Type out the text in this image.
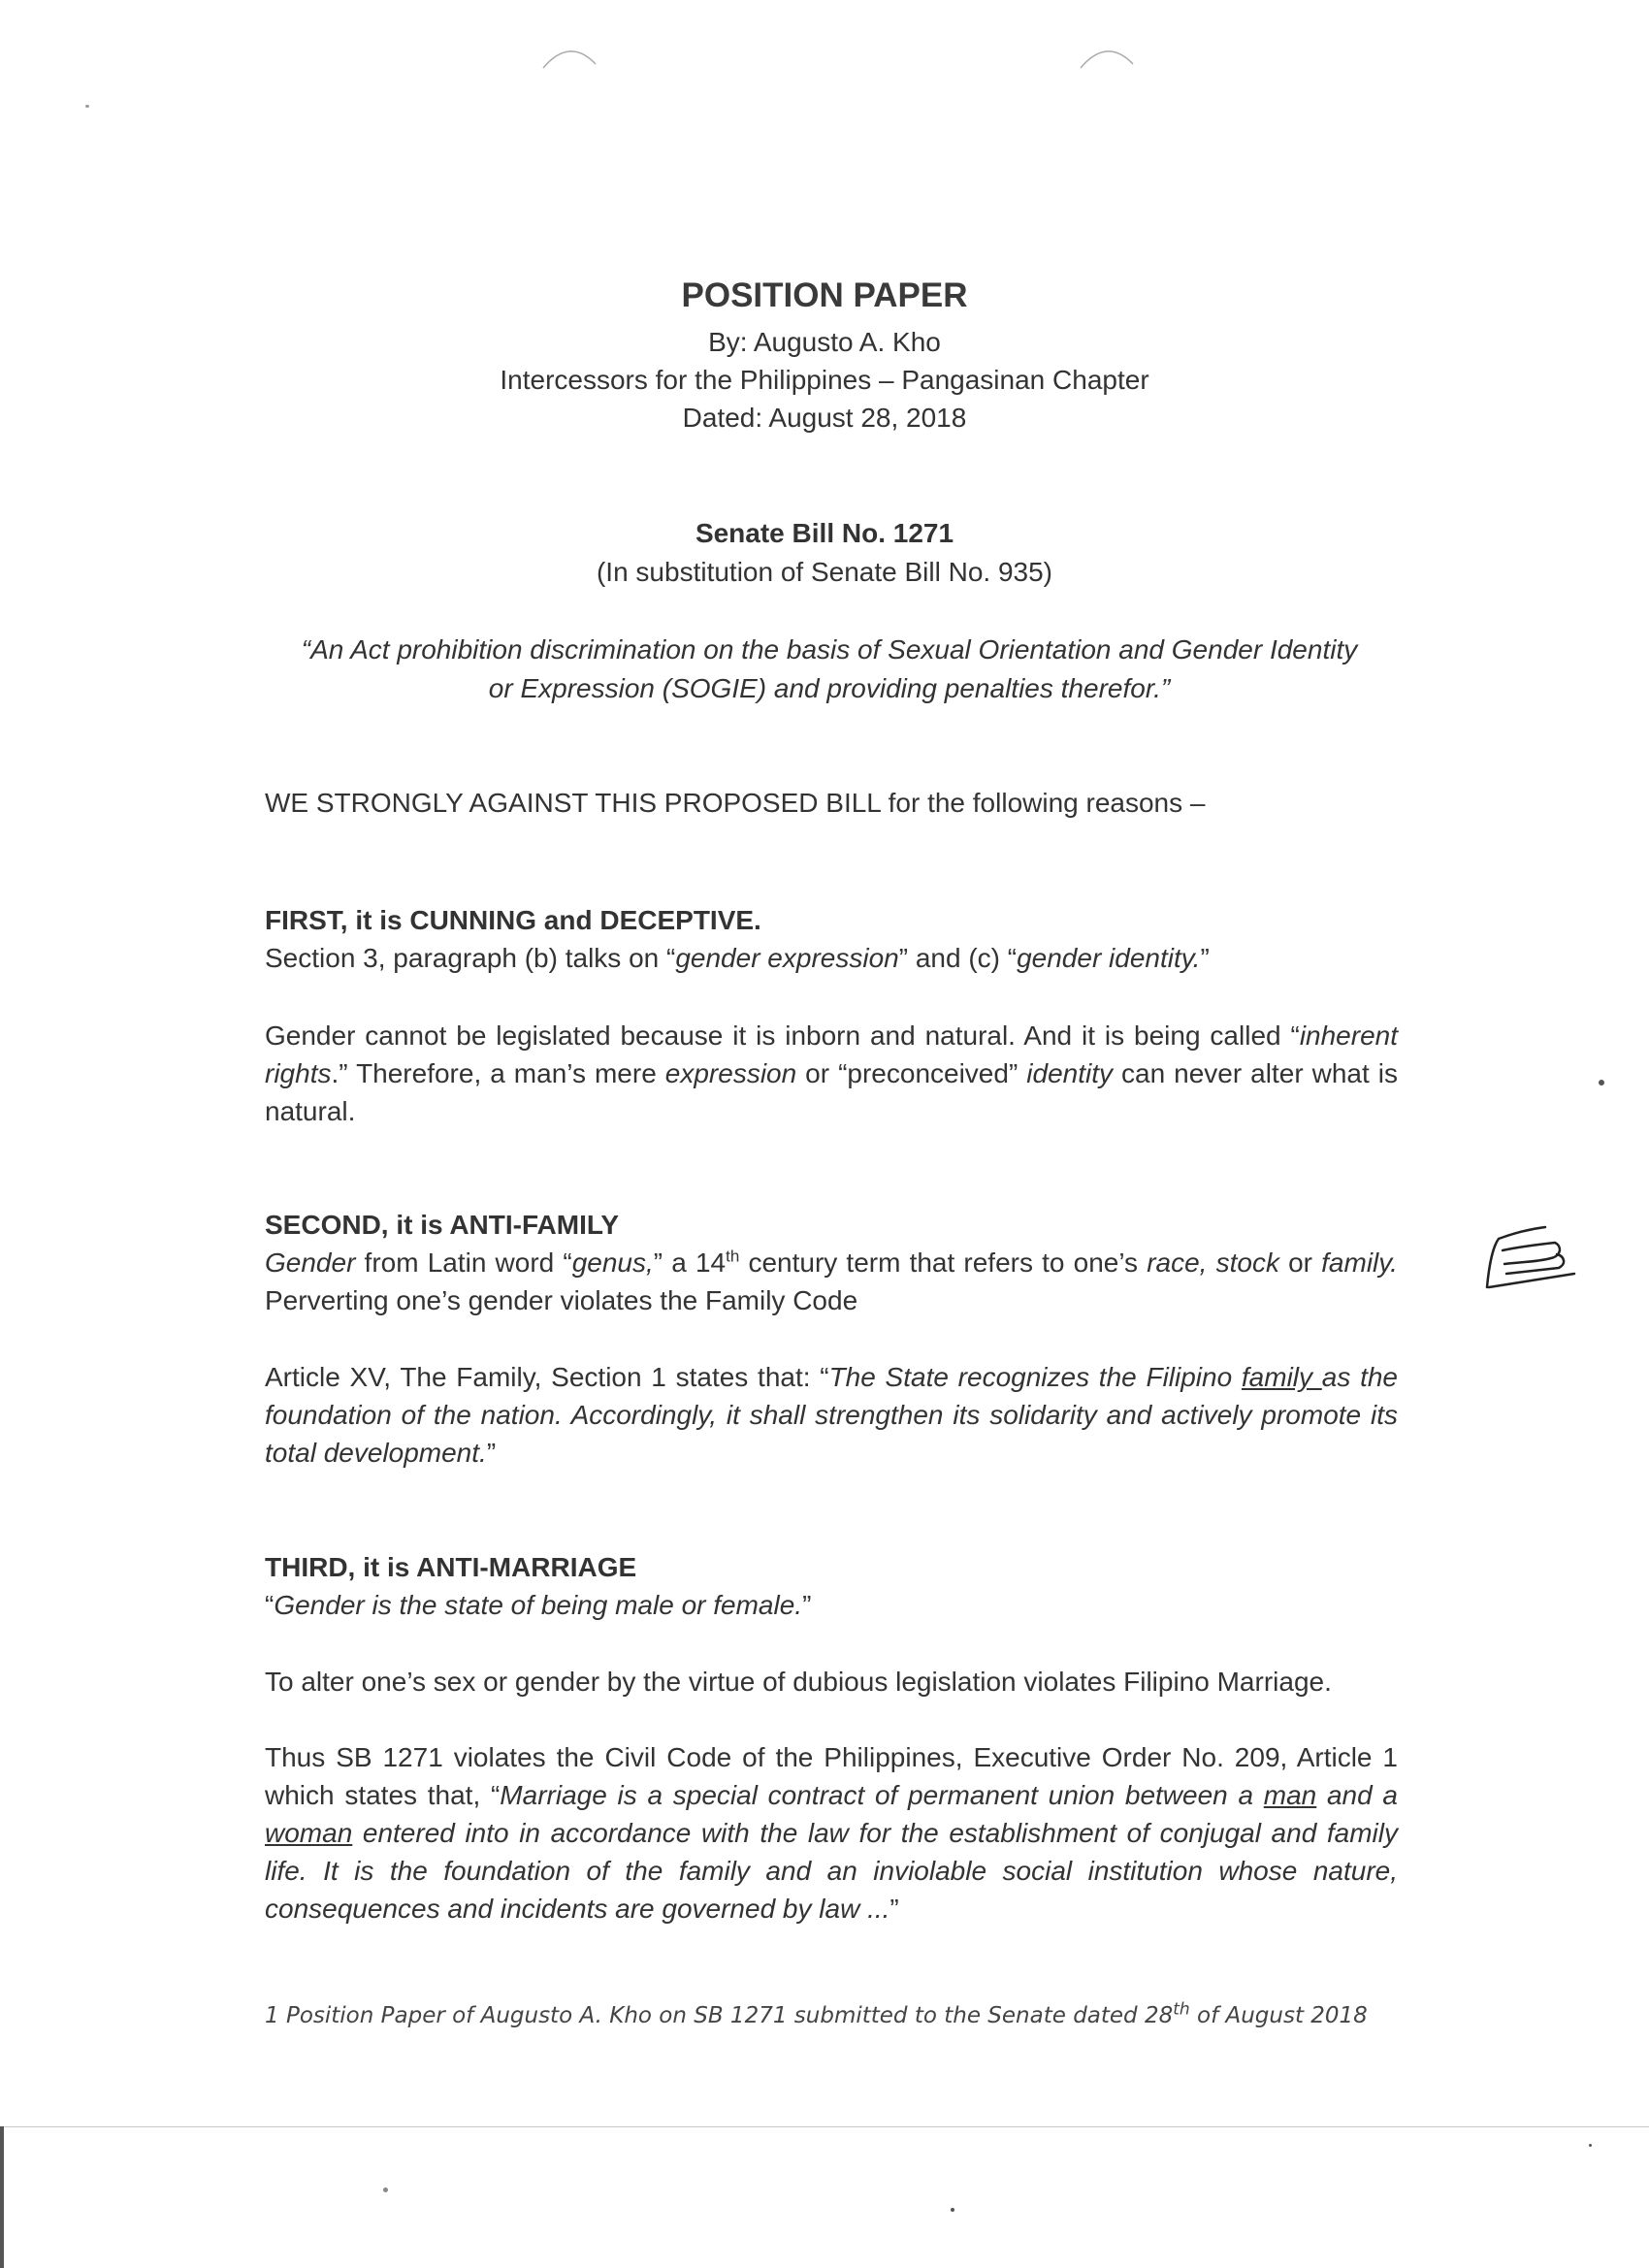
POSITION PAPER
By: Augusto A. Kho
Intercessors for the Philippines – Pangasinan Chapter
Dated: August 28, 2018
Senate Bill No. 1271
(In substitution of Senate Bill No. 935)
“An Act prohibition discrimination on the basis of Sexual Orientation and Gender Identity
or Expression (SOGIE) and providing penalties therefor.”
WE STRONGLY AGAINST THIS PROPOSED BILL for the following reasons –
FIRST, it is CUNNING and DECEPTIVE.
Section 3, paragraph (b) talks on “gender expression” and (c) “gender identity.”
Gender cannot be legislated because it is inborn and natural. And it is being called “inherent rights.” Therefore, a man’s mere expression or “preconceived” identity can never alter what is natural.
SECOND, it is ANTI-FAMILY
Gender from Latin word “genus,” a 14th century term that refers to one’s race, stock or family. Perverting one’s gender violates the Family Code
Article XV, The Family, Section 1 states that: “The State recognizes the Filipino family as the foundation of the nation. Accordingly, it shall strengthen its solidarity and actively promote its total development.”
THIRD, it is ANTI-MARRIAGE
“Gender is the state of being male or female.”
To alter one’s sex or gender by the virtue of dubious legislation violates Filipino Marriage.
Thus SB 1271 violates the Civil Code of the Philippines, Executive Order No. 209, Article 1 which states that, “Marriage is a special contract of permanent union between a man and a woman entered into in accordance with the law for the establishment of conjugal and family life. It is the foundation of the family and an inviolable social institution whose nature, consequences and incidents are governed by law ...”
1 Position Paper of Augusto A. Kho on SB 1271 submitted to the Senate dated 28th of August 2018
